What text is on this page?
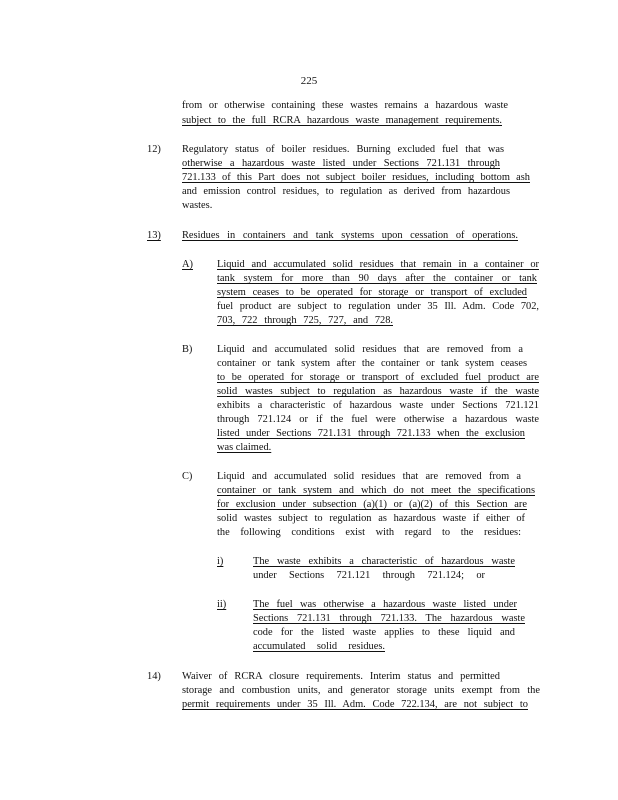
225
from or otherwise containing these wastes remains a hazardous waste
subject to the full RCRA hazardous waste management requirements.
12) Regulatory status of boiler residues. Burning excluded fuel that was
otherwise a hazardous waste listed under Sections 721.131 through
721.133 of this Part does not subject boiler residues, including bottom ash
and emission control residues, to regulation as derived from hazardous
wastes.
13) Residues in containers and tank systems upon cessation of operations.
A) Liquid and accumulated solid residues that remain in a container or
tank system for more than 90 days after the container or tank
system ceases to be operated for storage or transport of excluded
fuel product are subject to regulation under 35 Ill. Adm. Code 702,
703, 722 through 725, 727, and 728.
B) Liquid and accumulated solid residues that are removed from a
container or tank system after the container or tank system ceases
to be operated for storage or transport of excluded fuel product are
solid wastes subject to regulation as hazardous waste if the waste
exhibits a characteristic of hazardous waste under Sections 721.121
through 721.124 or if the fuel were otherwise a hazardous waste
listed under Sections 721.131 through 721.133 when the exclusion
was claimed.
C) Liquid and accumulated solid residues that are removed from a
container or tank system and which do not meet the specifications
for exclusion under subsection (a)(1) or (a)(2) of this Section are
solid wastes subject to regulation as hazardous waste if either of
the following conditions exist with regard to the residues:
i)	The waste exhibits a characteristic of hazardous waste
under Sections 721.121 through 721.124; or
ii)	The fuel was otherwise a hazardous waste listed under
Sections 721.131 through 721.133. The hazardous waste
code for the listed waste applies to these liquid and
accumulated solid residues.
14) Waiver of RCRA closure requirements. Interim status and permitted
storage and combustion units, and generator storage units exempt from the
permit requirements under 35 Ill. Adm. Code 722.134, are not subject to
